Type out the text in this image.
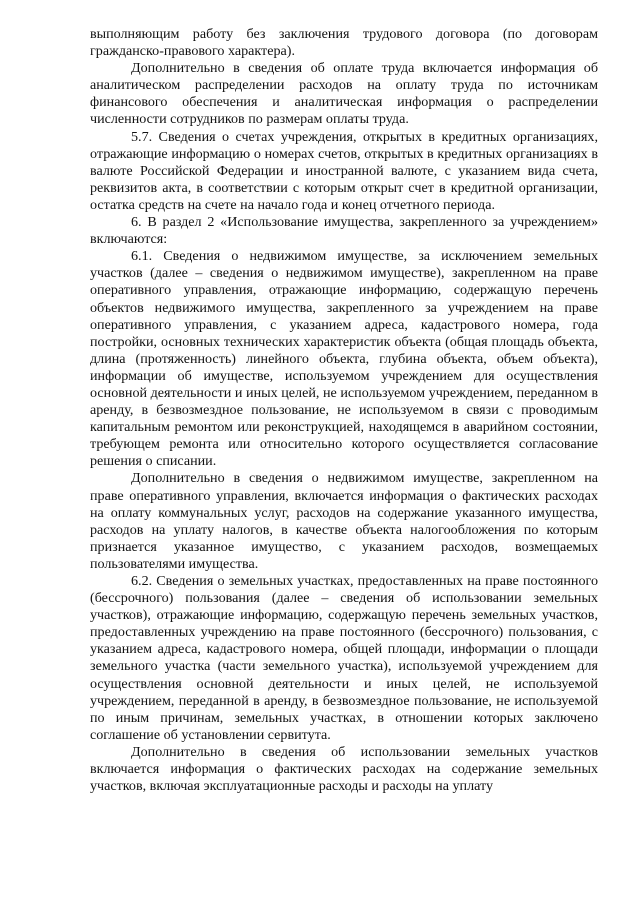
выполняющим работу без заключения трудового договора (по договорам гражданско-правового характера).

Дополнительно в сведения об оплате труда включается информация об аналитическом распределении расходов на оплату труда по источникам финансового обеспечения и аналитическая информация о распределении численности сотрудников по размерам оплаты труда.

5.7. Сведения о счетах учреждения, открытых в кредитных организациях, отражающие информацию о номерах счетов, открытых в кредитных организациях в валюте Российской Федерации и иностранной валюте, с указанием вида счета, реквизитов акта, в соответствии с которым открыт счет в кредитной организации, остатка средств на счете на начало года и конец отчетного периода.

6. В раздел 2 «Использование имущества, закрепленного за учреждением» включаются:

6.1. Сведения о недвижимом имуществе, за исключением земельных участков (далее – сведения о недвижимом имуществе), закрепленном на праве оперативного управления, отражающие информацию, содержащую перечень объектов недвижимого имущества, закрепленного за учреждением на праве оперативного управления, с указанием адреса, кадастрового номера, года постройки, основных технических характеристик объекта (общая площадь объекта, длина (протяженность) линейного объекта, глубина объекта, объем объекта), информации об имуществе, используемом учреждением для осуществления основной деятельности и иных целей, не используемом учреждением, переданном в аренду, в безвозмездное пользование, не используемом в связи с проводимым капитальным ремонтом или реконструкцией, находящемся в аварийном состоянии, требующем ремонта или относительно которого осуществляется согласование решения о списании.

Дополнительно в сведения о недвижимом имуществе, закрепленном на праве оперативного управления, включается информация о фактических расходах на оплату коммунальных услуг, расходов на содержание указанного имущества, расходов на уплату налогов, в качестве объекта налогообложения по которым признается указанное имущество, с указанием расходов, возмещаемых пользователями имущества.

6.2. Сведения о земельных участках, предоставленных на праве постоянного (бессрочного) пользования (далее – сведения об использовании земельных участков), отражающие информацию, содержащую перечень земельных участков, предоставленных учреждению на праве постоянного (бессрочного) пользования, с указанием адреса, кадастрового номера, общей площади, информации о площади земельного участка (части земельного участка), используемой учреждением для осуществления основной деятельности и иных целей, не используемой учреждением, переданной в аренду, в безвозмездное пользование, не используемой по иным причинам, земельных участках, в отношении которых заключено соглашение об установлении сервитута.

Дополнительно в сведения об использовании земельных участков включается информация о фактических расходах на содержание земельных участков, включая эксплуатационные расходы и расходы на уплату
